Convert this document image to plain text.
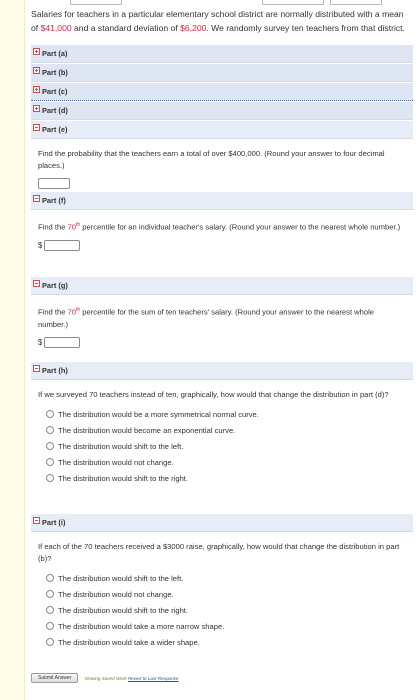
Salaries for teachers in a particular elementary school district are normally distributed with a mean of $41,000 and a standard deviation of $6,200. We randomly survey ten teachers from that district.

Part (a)
Part (b)
Part (c)
Part (d)
Part (e)

Find the probability that the teachers earn a total of over $400,000. (Round your answer to four decimal places.)

Part (f)

Find the 70th percentile for an individual teacher's salary. (Round your answer to the nearest whole number.)

$
Part (g)

Find the 70th percentile for the sum of ten teachers' salary. (Round your answer to the nearest whole number.)

$
Part (h)

If we surveyed 70 teachers instead of ten, graphically, how would that change the distribution in part (d)?

The distribution would be a more symmetrical normal curve.
The distribution would become an exponential curve.
The distribution would shift to the left.
The distribution would not change.
The distribution would shift to the right.
Part (i)

If each of the 70 teachers received a $3000 raise, graphically, how would that change the distribution in part (b)?

The distribution would shift to the left.
The distribution would not change.
The distribution would shift to the right.
The distribution would take a more narrow shape.
The distribution would take a wider shape.
Submit Answer	Viewing Saved Work Revert to Last Response
